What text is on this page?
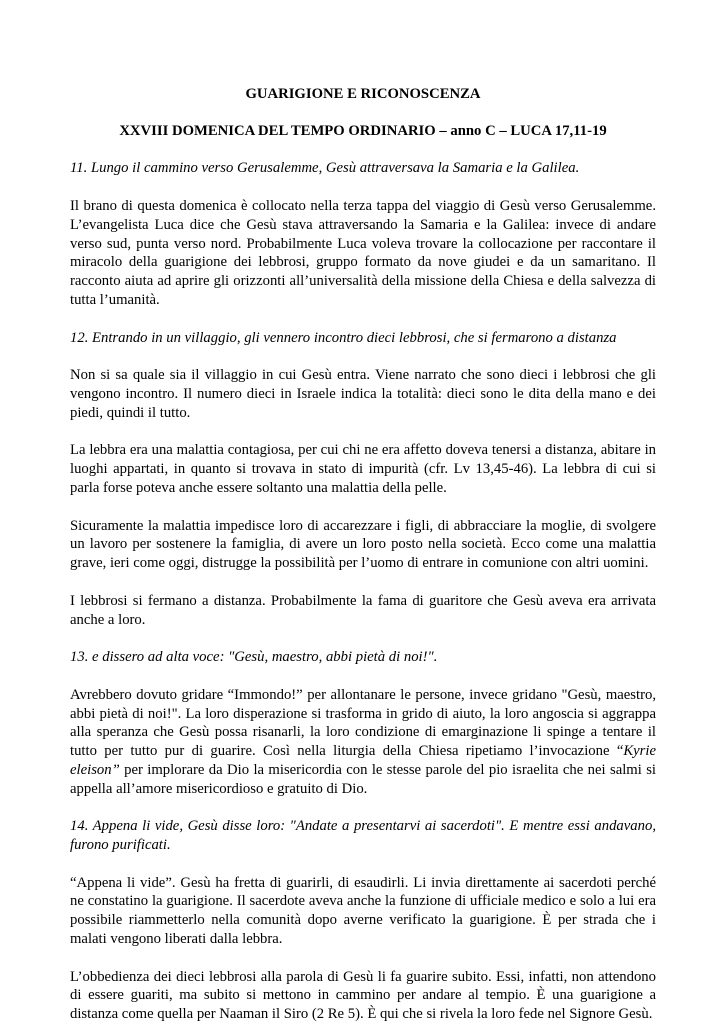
GUARIGIONE E RICONOSCENZA
XXVIII DOMENICA DEL TEMPO ORDINARIO – anno C – LUCA 17,11-19

11. Lungo il cammino verso Gerusalemme, Gesù attraversava la Samaria e la Galilea.

Il brano di questa domenica è collocato nella terza tappa del viaggio di Gesù verso Gerusalemme. L’evangelista Luca dice che Gesù stava attraversando la Samaria e la Galilea: invece di andare verso sud, punta verso nord. Probabilmente Luca voleva trovare la collocazione per raccontare il miracolo della guarigione dei lebbrosi, gruppo formato da nove giudei e da un samaritano. Il racconto aiuta ad aprire gli orizzonti all’universalità della missione della Chiesa e della salvezza di tutta l’umanità.

12. Entrando in un villaggio, gli vennero incontro dieci lebbrosi, che si fermarono a distanza

Non si sa quale sia il villaggio in cui Gesù entra. Viene narrato che sono dieci i lebbrosi che gli vengono incontro. Il numero dieci in Israele indica la totalità: dieci sono le dita della mano e dei piedi, quindi il tutto.

La lebbra era una malattia contagiosa, per cui chi ne era affetto doveva tenersi a distanza, abitare in luoghi appartati, in quanto si trovava in stato di impurità (cfr. Lv 13,45-46). La lebbra di cui si parla forse poteva anche essere soltanto una malattia della pelle.

Sicuramente la malattia impedisce loro di accarezzare i figli, di abbracciare la moglie, di svolgere un lavoro per sostenere la famiglia, di avere un loro posto nella società. Ecco come una malattia grave, ieri come oggi, distrugge la possibilità per l’uomo di entrare in comunione con altri uomini.

I lebbrosi si fermano a distanza. Probabilmente la fama di guaritore che Gesù aveva era arrivata anche a loro.

13. e dissero ad alta voce: "Gesù, maestro, abbi pietà di noi!".

Avrebbero dovuto gridare “Immondo!” per allontanare le persone, invece gridano "Gesù, maestro, abbi pietà di noi!". La loro disperazione si trasforma in grido di aiuto, la loro angoscia si aggrappa alla speranza che Gesù possa risanarli, la loro condizione di emarginazione li spinge a tentare il tutto per tutto pur di guarire. Così nella liturgia della Chiesa ripetiamo l’invocazione “Kyrie eleison” per implorare da Dio la misericordia con le stesse parole del pio israelita che nei salmi si appella all’amore misericordioso e gratuito di Dio.

14. Appena li vide, Gesù disse loro: "Andate a presentarvi ai sacerdoti". E mentre essi andavano, furono purificati.

“Appena li vide”. Gesù ha fretta di guarirli, di esaudirli. Li invia direttamente ai sacerdoti perché ne constatino la guarigione. Il sacerdote aveva anche la funzione di ufficiale medico e solo a lui era possibile riammetterlo nella comunità dopo averne verificato la guarigione. È per strada che i malati vengono liberati dalla lebbra.

L’obbedienza dei dieci lebbrosi alla parola di Gesù li fa guarire subito. Essi, infatti, non attendono di essere guariti, ma subito si mettono in cammino per andare al tempio. È una guarigione a distanza come quella per Naaman il Siro (2 Re 5). È qui che si rivela la loro fede nel Signore Gesù.
